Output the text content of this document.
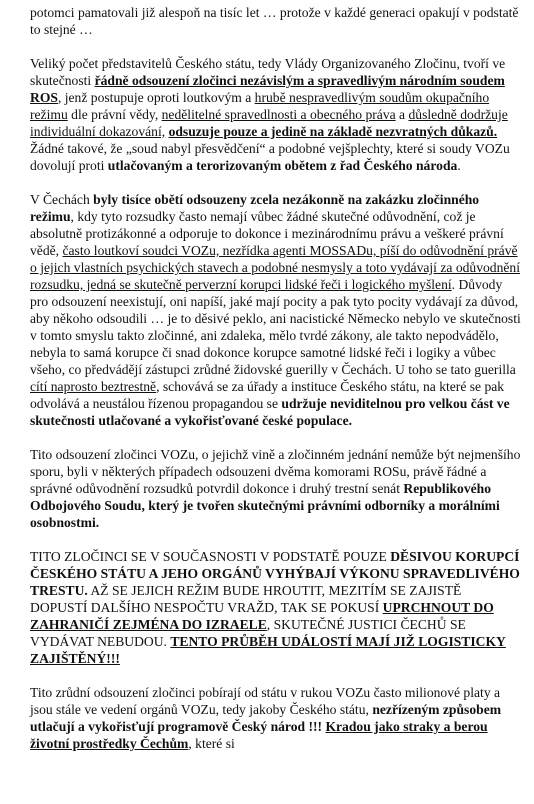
potomci pamatovali již alespoň na tisíc let … protože v každé generaci opakují v podstatě to stejné …

Veliký počet představitelů Českého státu, tedy Vlády Organizovaného Zločinu, tvoří ve skutečnosti řádně odsouzení zločinci nezávislým a spravedlivým národním soudem ROS, jenž postupuje oproti loutkovým a hrubě nespravedlivým soudům okupačního režimu dle právní vědy, nedělitelné spravedlnosti a obecného práva a důsledně dodržuje individuální dokazování, odsuzuje pouze a jedině na základě nezvratných důkazů. Žádné takové, že „soud nabyl přesvědčení“ a podobné vejšplechty, které si soudy VOZu dovolují proti utlačovaným a terorizovaným obětem z řad Českého národa.

V Čechách byly tisíce obětí odsouzeny zcela nezákonně na zakázku zločinného režimu, kdy tyto rozsudky často nemají vůbec žádné skutečné odůvodnění, což je absolutně protizákonné a odporuje to dokonce i mezinárodnímu právu a veškeré právní vědě, často loutkoví soudci VOZu, nezřídka agenti MOSSADu, píší do odůvodnění právě o jejich vlastních psychických stavech a podobné nesmysly a toto vydávají za odůvodnění rozsudku, jedná se skutečně perverzní korupci lidské řeči i logického myšlení. Důvody pro odsouzení neexistují, oni napíší, jaké mají pocity a pak tyto pocity vydávají za důvod, aby někoho odsoudili … je to děsivé peklo, ani nacistické Německo nebylo ve skutečnosti v tomto smyslu takto zločinné, ani zdaleka, mělo tvrdé zákony, ale takto nepodvádělo, nebyla to samá korupce či snad dokonce korupce samotné lidské řeči i logiky a vůbec všeho, co předvádějí zástupci zrůdné židovské guerilly v Čechách. U toho se tato guerilla cítí naprosto beztrestně, schovává se za úřady a instituce Českého státu, na které se pak odvolává a neustálou řízenou propagandou se udržuje neviditelnou pro velkou část ve skutečnosti utlačované a vykořisťované české populace.

Tito odsouzení zločinci VOZu, o jejichž vině a zločinném jednání nemůže být nejmenšího sporu, byli v některých případech odsouzeni dvěma komorami ROSu, právě řádné a správné odůvodnění rozsudků potvrdil dokonce i druhý trestní senát Republikového Odbojového Soudu, který je tvořen skutečnými právními odborníky a morálními osobnostmi.

TITO ZLOČINCI SE V SOUČASNOSTI V PODSTATĚ POUZE DĚSIVOU KORUPCÍ ČESKÉHO STÁTU A JEHO ORGÁNŮ VYHÝBAJÍ VÝKONU SPRAVEDLIVÉHO TRESTU. AŽ SE JEJICH REŽIM BUDE HROUTIT, MEZITÍM SE ZAJISTĚ DOPUSTÍ DALŠÍHO NESPOČTU VRAŽD, TAK SE POKUSÍ UPRCHNOUT DO ZAHRANIČÍ ZEJMÉNA DO IZRAELE, SKUTEČNÉ JUSTICI ČECHŮ SE VYDÁVAT NEBUDOU. TENTO PRŮBĚH UDÁLOSTÍ MAJÍ JIŽ LOGISTICKY ZAJIŠTĚNÝ!!!

Tito zrůdní odsouzení zločinci pobírají od státu v rukou VOZu často milionové platy a jsou stále ve vedení orgánů VOZu, tedy jakoby Českého státu, nezřízeným způsobem utlačují a vykořisťují programově Český národ !!! Kradou jako straky a berou životní prostředky Čechům, které si
